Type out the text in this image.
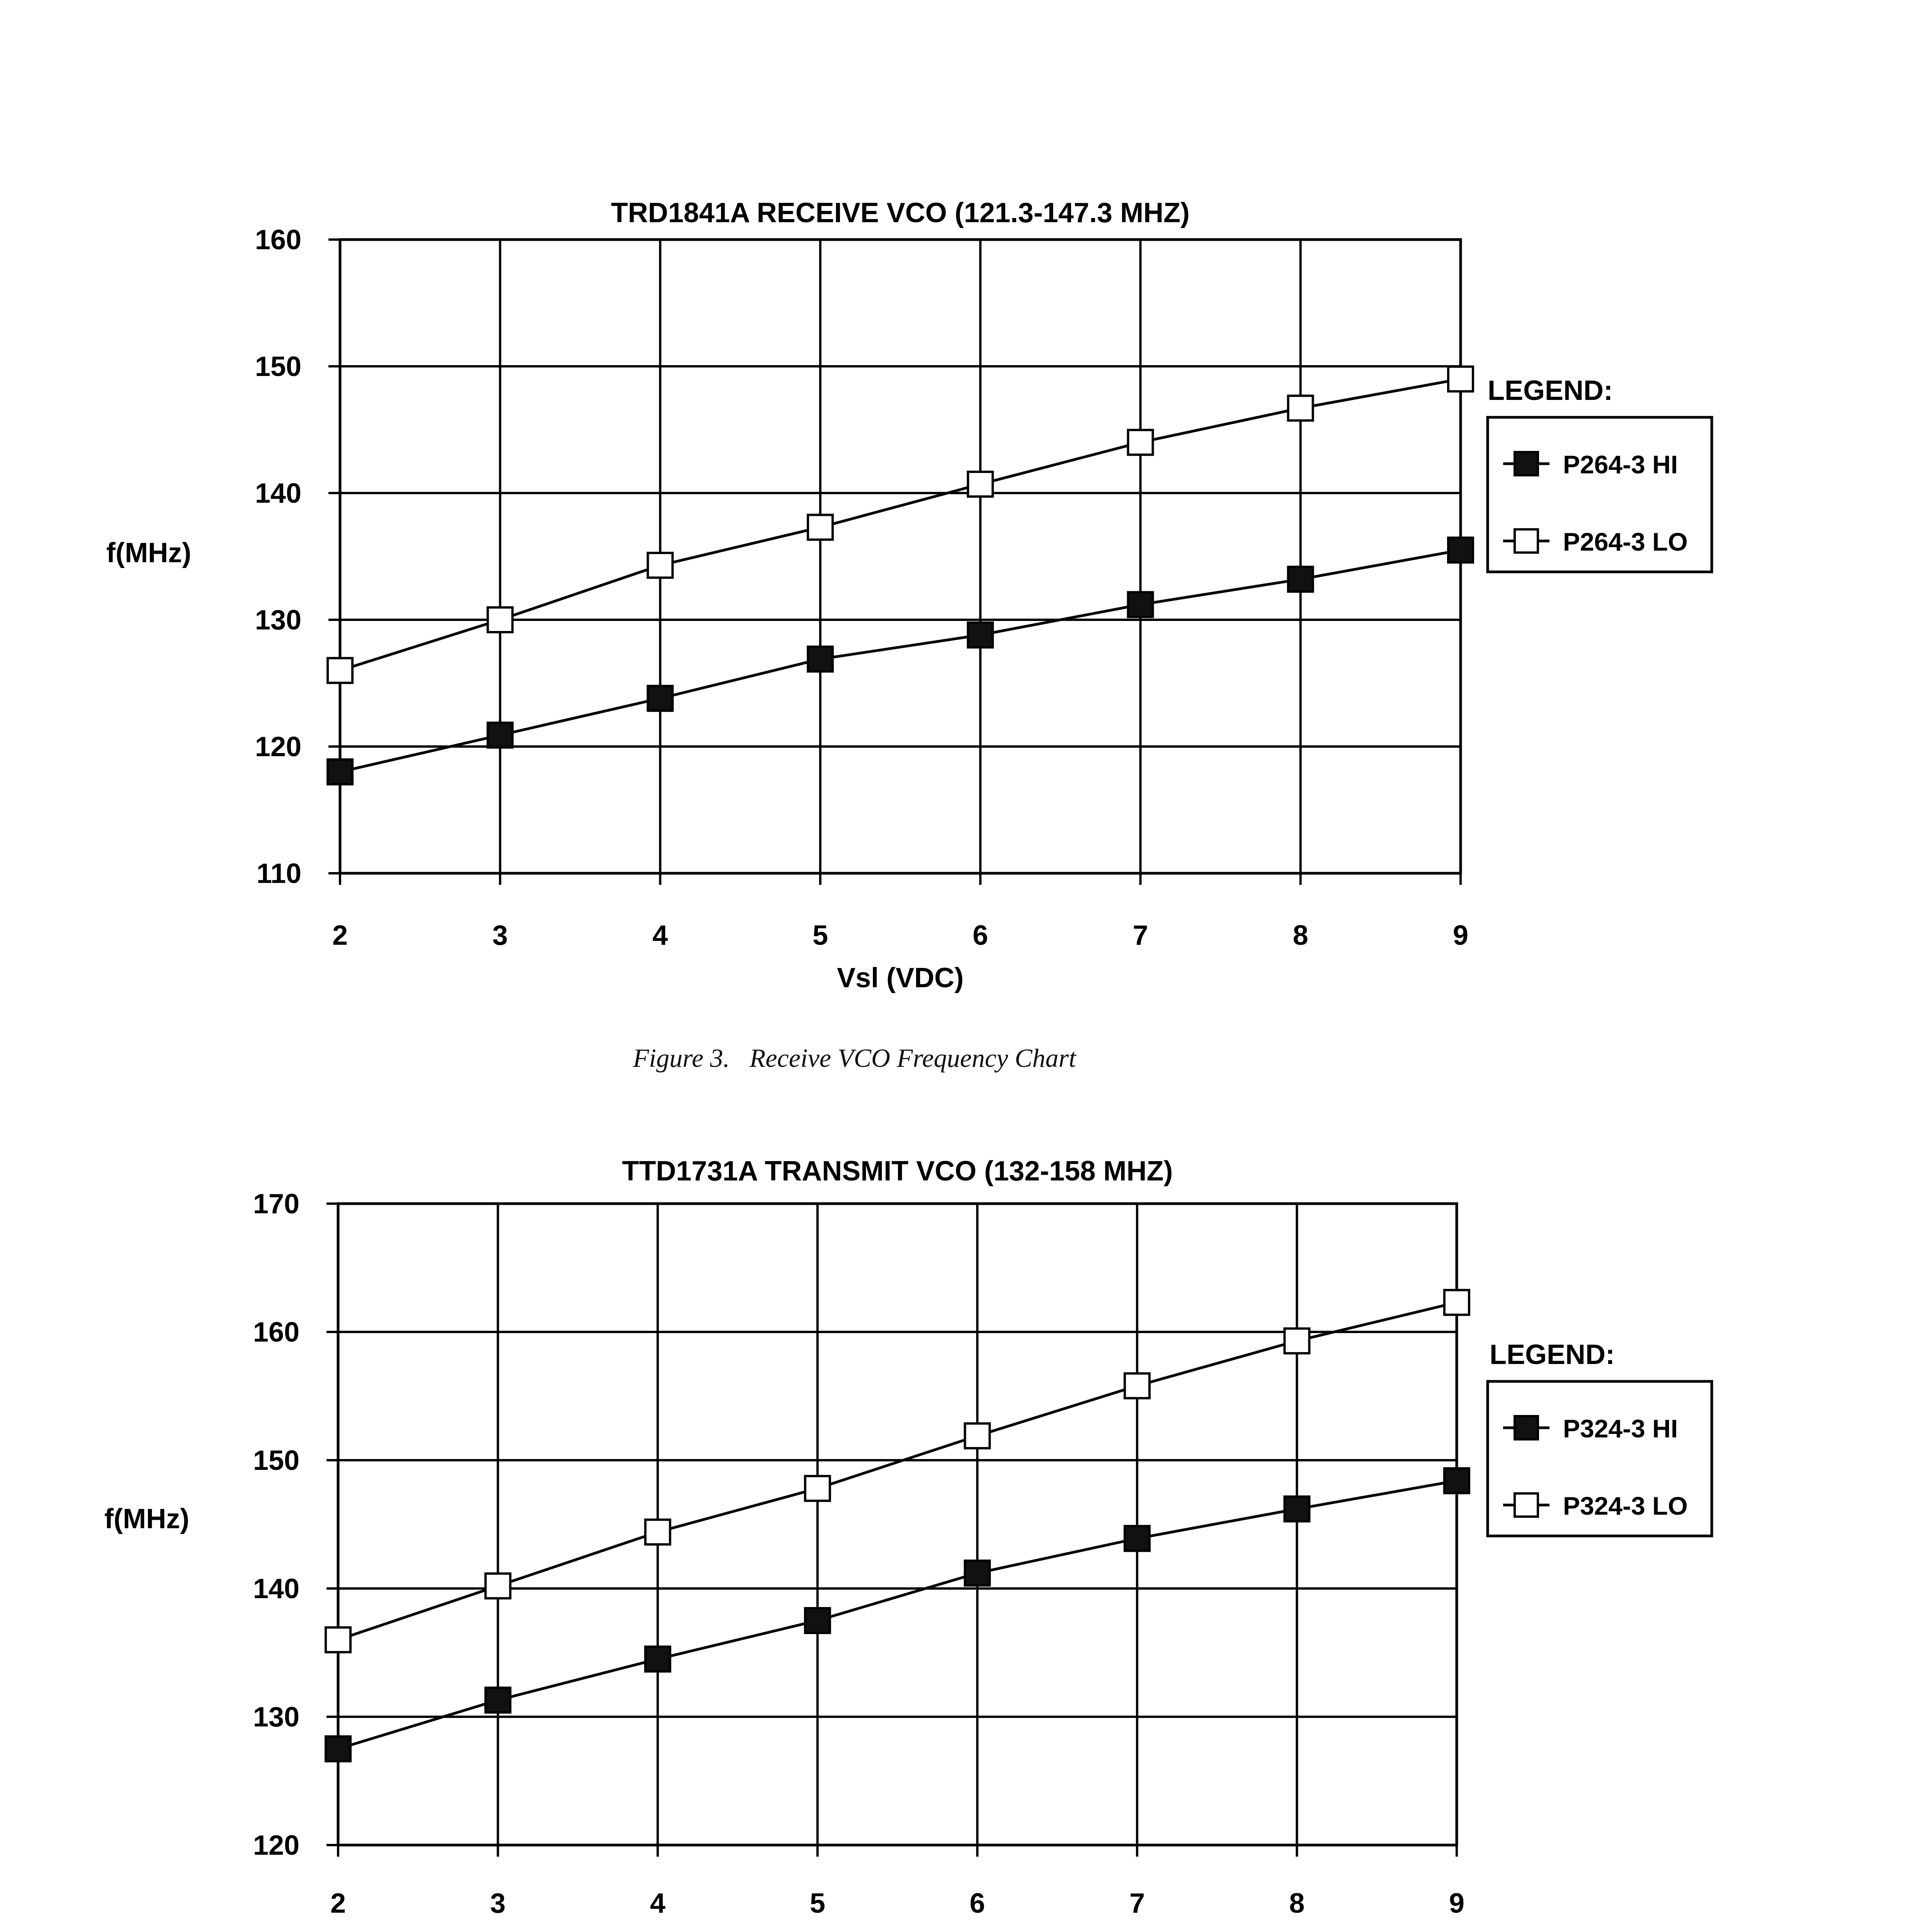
TRD1841A RECEIVE VCO (121.3-147.3 MHZ)
110
120
130
140
150
160
2	3	4	5	6	7	8	9
Vsl (VDC)
f(MHz)
LEGEND:
P264-3 HI
P264-3 LO

Figure 3. Receive VCO Frequency Chart

TTD1731A TRANSMIT VCO (132-158 MHZ)
120
130
140
150
160
170
2	3	4	5	6	7	8	9
f(MHz)
LEGEND:
P324-3 HI
P324-3 LO
